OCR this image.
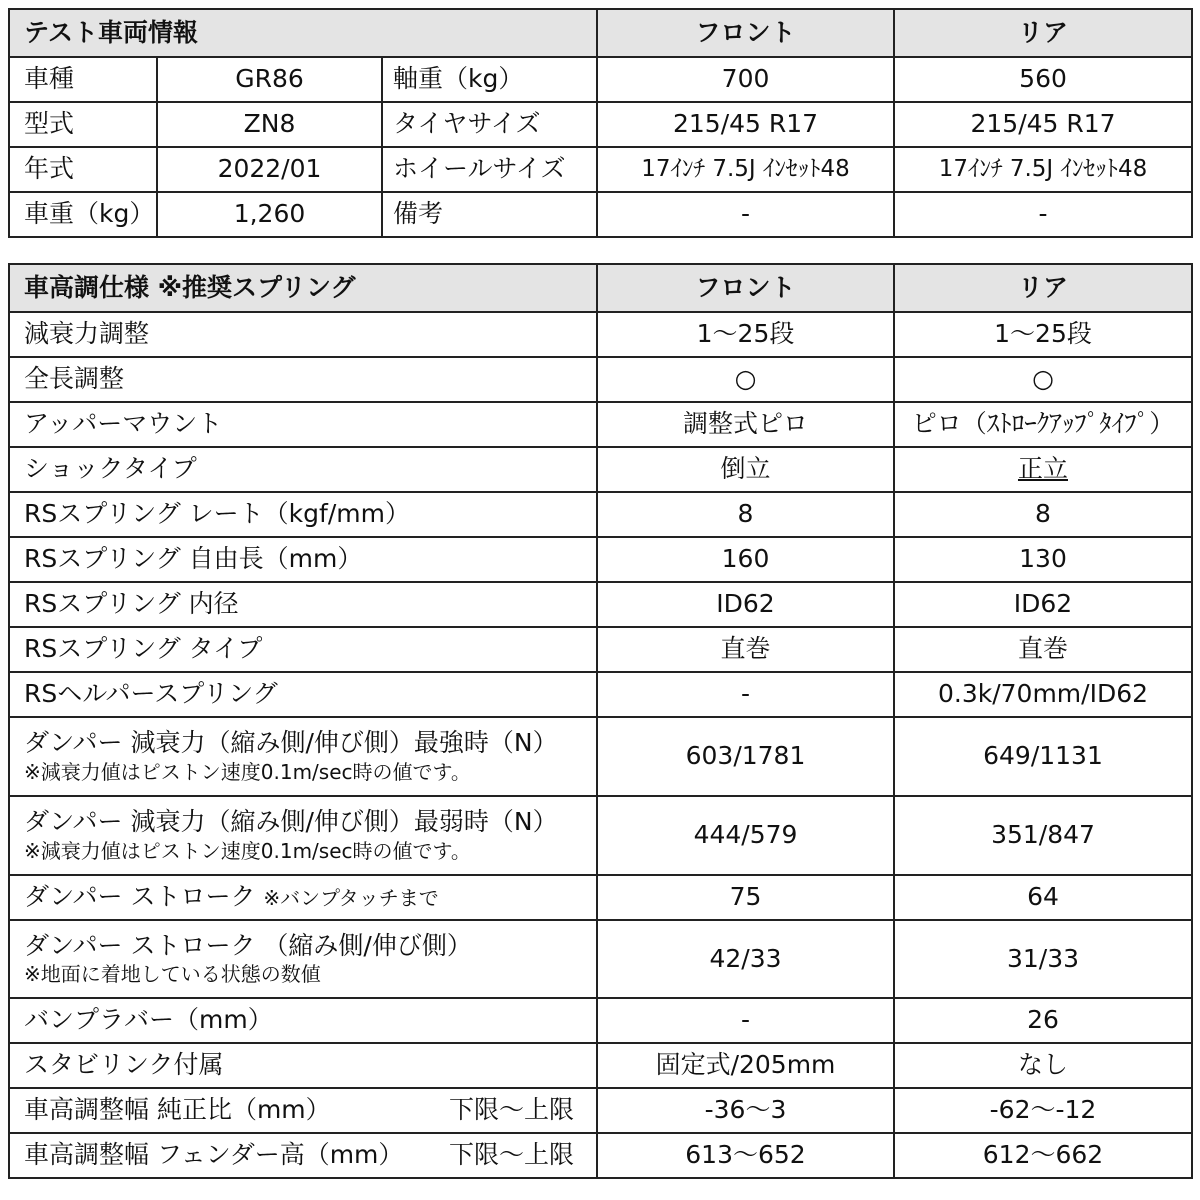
テスト車両情報			フロント	リア
車種	GR86	軸重（kg）	700	560
型式	ZN8	タイヤサイズ	215/45 R17	215/45 R17
年式	2022/01	ホイールサイズ	17ｲﾝﾁ 7.5J ｲﾝｾｯﾄ48	17ｲﾝﾁ 7.5J ｲﾝｾｯﾄ48
車重（kg）	1,260	備考	-	-
車高調仕様 ※推奨スプリング	フロント	リア
減衰力調整	1～25段	1～25段
全長調整	○	○
アッパーマウント	調整式ピロ	ピロ（ｽﾄﾛｰｸｱｯﾌﾟﾀｲﾌﾟ）
ショックタイプ	倒立	正立
RSスプリング レート（kgf/mm）	8	8
RSスプリング 自由長（mm）	160	130
RSスプリング 内径	ID62	ID62
RSスプリング タイプ	直巻	直巻
RSヘルパースプリング	-	0.3k/70mm/ID62
ダンパー 減衰力（縮み側/伸び側）最強時（N）
※減衰力値はピストン速度0.1m/sec時の値です。	603/1781	649/1131
ダンパー 減衰力（縮み側/伸び側）最弱時（N）
※減衰力値はピストン速度0.1m/sec時の値です。	444/579	351/847
ダンパー ストローク ※バンプタッチまで	75	64
ダンパー ストローク （縮み側/伸び側）
※地面に着地している状態の数値	42/33	31/33
バンプラバー（mm）	-	26
スタビリンク付属	固定式/205mm	なし
車高調整幅 純正比（mm） 下限～上限	-36～3	-62～-12
車高調整幅 フェンダー高（mm） 下限～上限	613～652	612～662
